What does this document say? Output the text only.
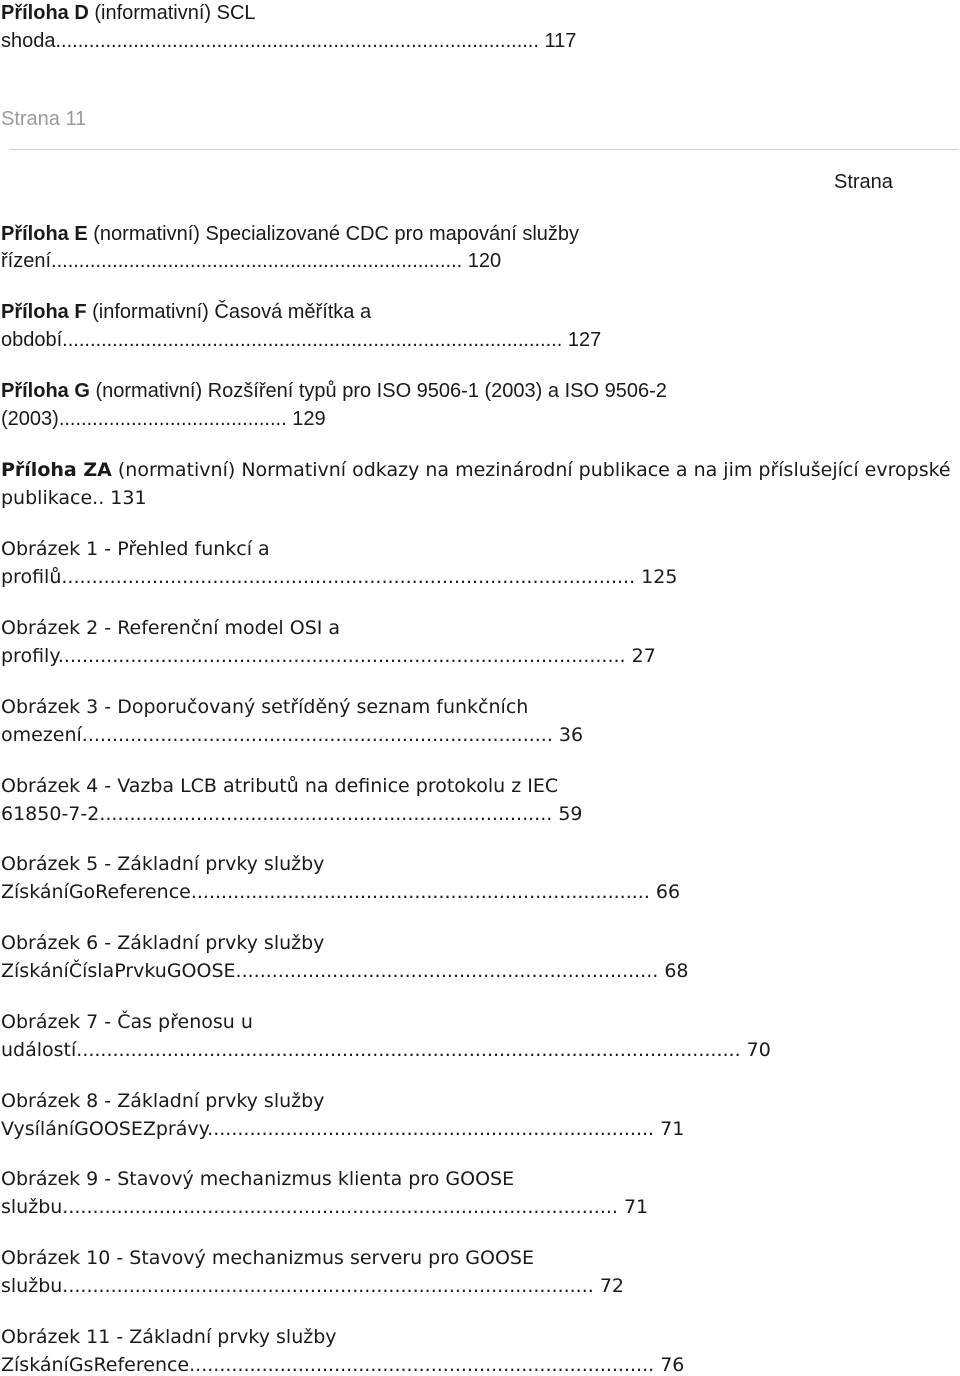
Příloha D (informativní) SCL
shoda....................................................................................... 117
Strana 11
Strana
Příloha E (normativní) Specializované CDC pro mapování služby
řízení.......................................................................... 120
Příloha F (informativní) Časová měřítka a
období.......................................................................................... 127
Příloha G (normativní) Rozšíření typů pro ISO 9506-1 (2003) a ISO 9506-2
(2003)......................................... 129
Příloha ZA (normativní) Normativní odkazy na mezinárodní publikace a na jim příslušející evropské
publikace.. 131
Obrázek 1 - Přehled funkcí a
profilů............................................................................................... 125
Obrázek 2 - Referenční model OSI a
profily.............................................................................................. 27
Obrázek 3 - Doporučovaný setříděný seznam funkčních
omezení.............................................................................. 36
Obrázek 4 - Vazba LCB atributů na definice protokolu z IEC
61850-7-2........................................................................... 59
Obrázek 5 - Základní prvky služby
ZískáníGoReference............................................................................ 66
Obrázek 6 - Základní prvky služby
ZískáníČíslaPrvkuGOOSE...................................................................... 68
Obrázek 7 - Čas přenosu u
událostí.............................................................................................................. 70
Obrázek 8 - Základní prvky služby
VysíláníGOOSEZprávy.......................................................................... 71
Obrázek 9 - Stavový mechanizmus klienta pro GOOSE
službu............................................................................................ 71
Obrázek 10 - Stavový mechanizmus serveru pro GOOSE
službu........................................................................................ 72
Obrázek 11 - Základní prvky služby
ZískáníGsReference............................................................................. 76
